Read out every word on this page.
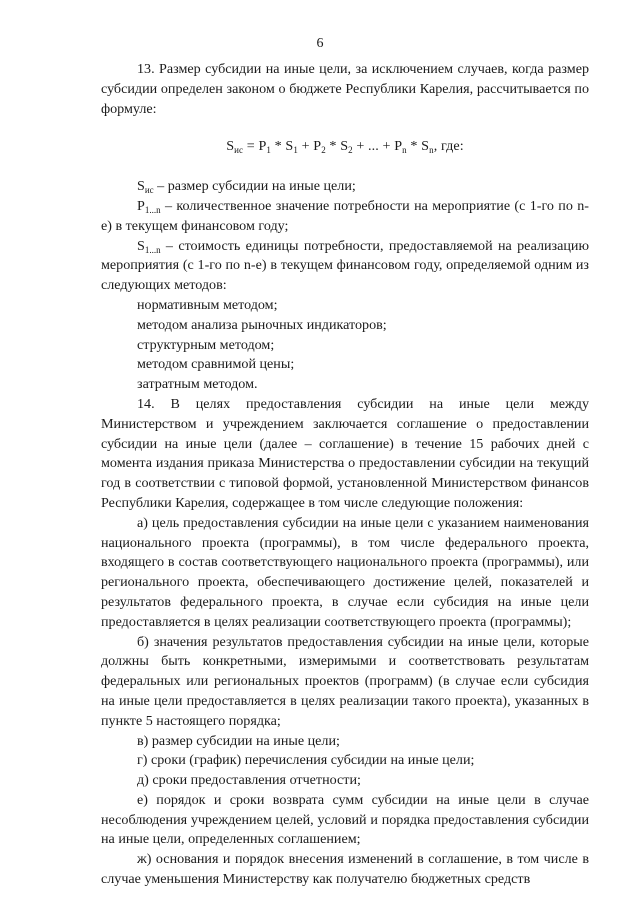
6

13. Размер субсидии на иные цели, за исключением случаев, когда размер субсидии определен законом о бюджете Республики Карелия, рассчитывается по формуле:

$S_{ис} = P_1 * S_1 + P_2 * S_2$ + ... + $P_n * S_n$, где:

$S_{ис}$ – размер субсидии на иные цели;

$P_{1...n}$ – количественное значение потребности на мероприятие (с 1-го по n-е) в текущем финансовом году;

$S_{1...n}$ – стоимость единицы потребности, предоставляемой на реализацию мероприятия (с 1-го по n-е) в текущем финансовом году, определяемой одним из следующих методов:

нормативным методом;

методом анализа рыночных индикаторов;

структурным методом;

методом сравнимой цены;

затратным методом.

14. В целях предоставления субсидии на иные цели между Министерством и учреждением заключается соглашение о предоставлении субсидии на иные цели (далее – соглашение) в течение 15 рабочих дней с момента издания приказа Министерства о предоставлении субсидии на текущий год в соответствии с типовой формой, установленной Министерством финансов Республики Карелия, содержащее в том числе следующие положения:

а) цель предоставления субсидии на иные цели с указанием наименования национального проекта (программы), в том числе федерального проекта, входящего в состав соответствующего национального проекта (программы), или регионального проекта, обеспечивающего достижение целей, показателей и результатов федерального проекта, в случае если субсидия на иные цели предоставляется в целях реализации соответствующего проекта (программы);

б) значения результатов предоставления субсидии на иные цели, которые должны быть конкретными, измеримыми и соответствовать результатам федеральных или региональных проектов (программ) (в случае если субсидия на иные цели предоставляется в целях реализации такого проекта), указанных в пункте 5 настоящего порядка;

в) размер субсидии на иные цели;

г) сроки (график) перечисления субсидии на иные цели;

д) сроки предоставления отчетности;

е) порядок и сроки возврата сумм субсидии на иные цели в случае несоблюдения учреждением целей, условий и порядка предоставления субсидии на иные цели, определенных соглашением;

ж) основания и порядок внесения изменений в соглашение, в том числе в случае уменьшения Министерству как получателю бюджетных средств
